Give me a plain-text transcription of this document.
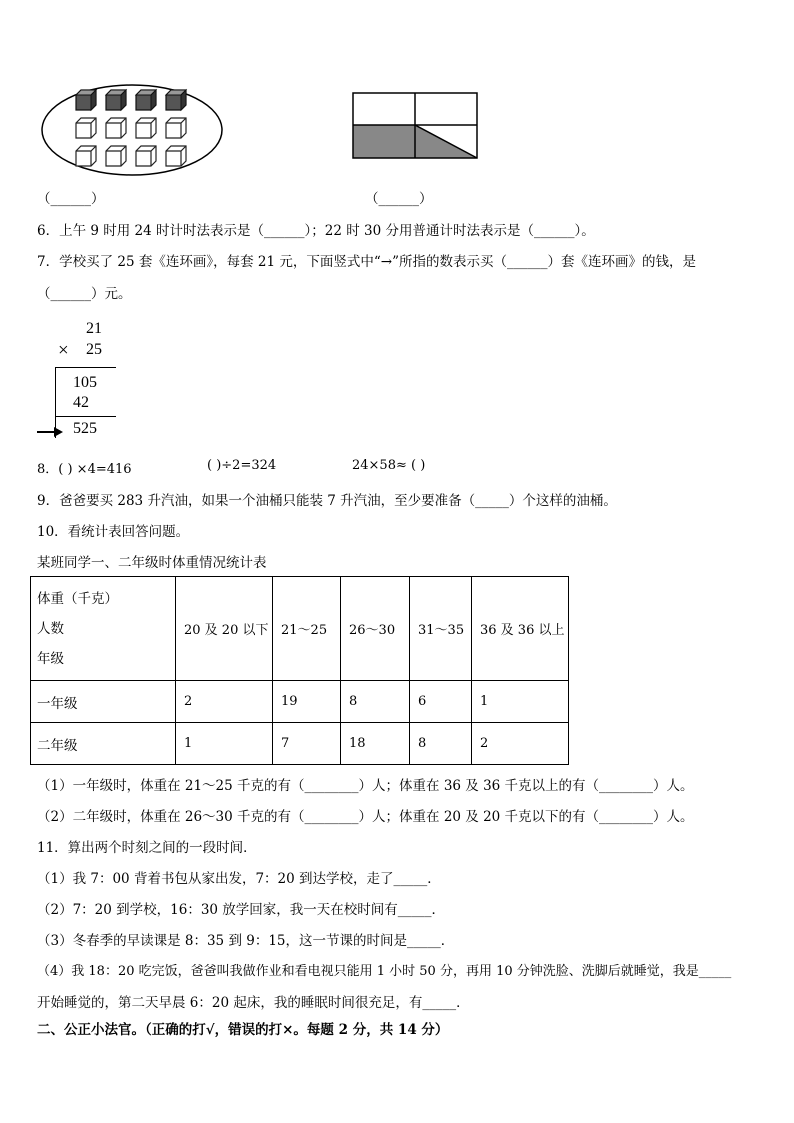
（______）	（______）
6．上午 9 时用 24 时计时法表示是（______）；22 时 30 分用普通计时法表示是（______）。
7．学校买了 25 套《连环画》，每套 21 元，下面竖式中“→”所指的数表示买（______）套《连环画》的钱，是
（______）元。
21
× 25
105
42
525
8．( ) ×4=416	( )÷2=324	24×58≈ ( )
9．爸爸要买 283 升汽油，如果一个油桶只能装 7 升汽油，至少要准备（_____）个这样的油桶。
10．看统计表回答问题。
某班同学一、二年级时体重情况统计表
体重（千克）
人数
年级	20 及 20 以下	21～25	26～30	31～35	36 及 36 以上
一年级	2	19	8	6	1
二年级	1	7	18	8	2
（1）一年级时，体重在 21～25 千克的有（________）人；体重在 36 及 36 千克以上的有（________）人。
（2）二年级时，体重在 26～30 千克的有（________）人；体重在 20 及 20 千克以下的有（________）人。
11．算出两个时刻之间的一段时间．
（1）我 7：00 背着书包从家出发，7：20 到达学校，走了_____．
（2）7：20 到学校，16：30 放学回家，我一天在校时间有_____．
（3）冬春季的早读课是 8：35 到 9：15，这一节课的时间是_____．
（4）我 18：20 吃完饭，爸爸叫我做作业和看电视只能用 1 小时 50 分，再用 10 分钟洗脸、洗脚后就睡觉，我是_____
开始睡觉的，第二天早晨 6：20 起床，我的睡眠时间很充足，有_____．
二、公正小法官。（正确的打√，错误的打×。每题 2 分，共 14 分）
